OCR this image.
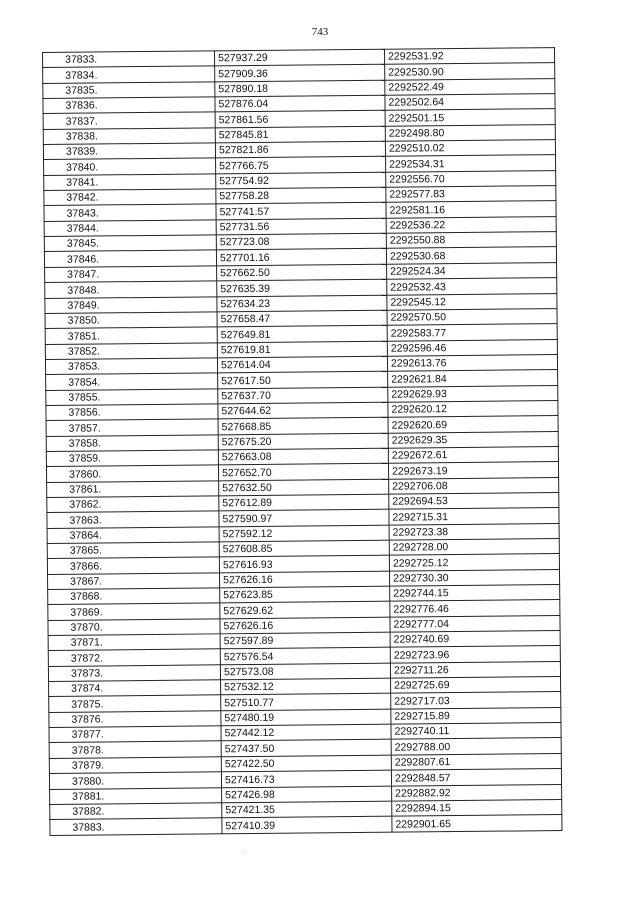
743
37833.	527937.29	2292531.92
37834.	527909.36	2292530.90
37835.	527890.18	2292522.49
37836.	527876.04	2292502.64
37837.	527861.56	2292501.15
37838.	527845.81	2292498.80
37839.	527821.86	2292510.02
37840.	527766.75	2292534.31
37841.	527754.92	2292556.70
37842.	527758.28	2292577.83
37843.	527741.57	2292581.16
37844.	527731.56	2292536.22
37845.	527723.08	2292550.88
37846.	527701.16	2292530.68
37847.	527662.50	2292524.34
37848.	527635.39	2292532.43
37849.	527634.23	2292545.12
37850.	527658.47	2292570.50
37851.	527649.81	2292583.77
37852.	527619.81	2292596.46
37853.	527614.04	2292613.76
37854.	527617.50	2292621.84
37855.	527637.70	2292629.93
37856.	527644.62	2292620.12
37857.	527668.85	2292620.69
37858.	527675.20	2292629.35
37859.	527663.08	2292672.61
37860.	527652.70	2292673.19
37861.	527632.50	2292706.08
37862.	527612.89	2292694.53
37863.	527590.97	2292715.31
37864.	527592.12	2292723.38
37865.	527608.85	2292728.00
37866.	527616.93	2292725.12
37867.	527626.16	2292730.30
37868.	527623.85	2292744.15
37869.	527629.62	2292776.46
37870.	527626.16	2292777.04
37871.	527597.89	2292740.69
37872.	527576.54	2292723.96
37873.	527573.08	2292711.26
37874.	527532.12	2292725.69
37875.	527510.77	2292717.03
37876.	527480.19	2292715.89
37877.	527442.12	2292740.11
37878.	527437.50	2292788.00
37879.	527422.50	2292807.61
37880.	527416.73	2292848.57
37881.	527426.98	2292882.92
37882.	527421.35	2292894.15
37883.	527410.39	2292901.65
-
